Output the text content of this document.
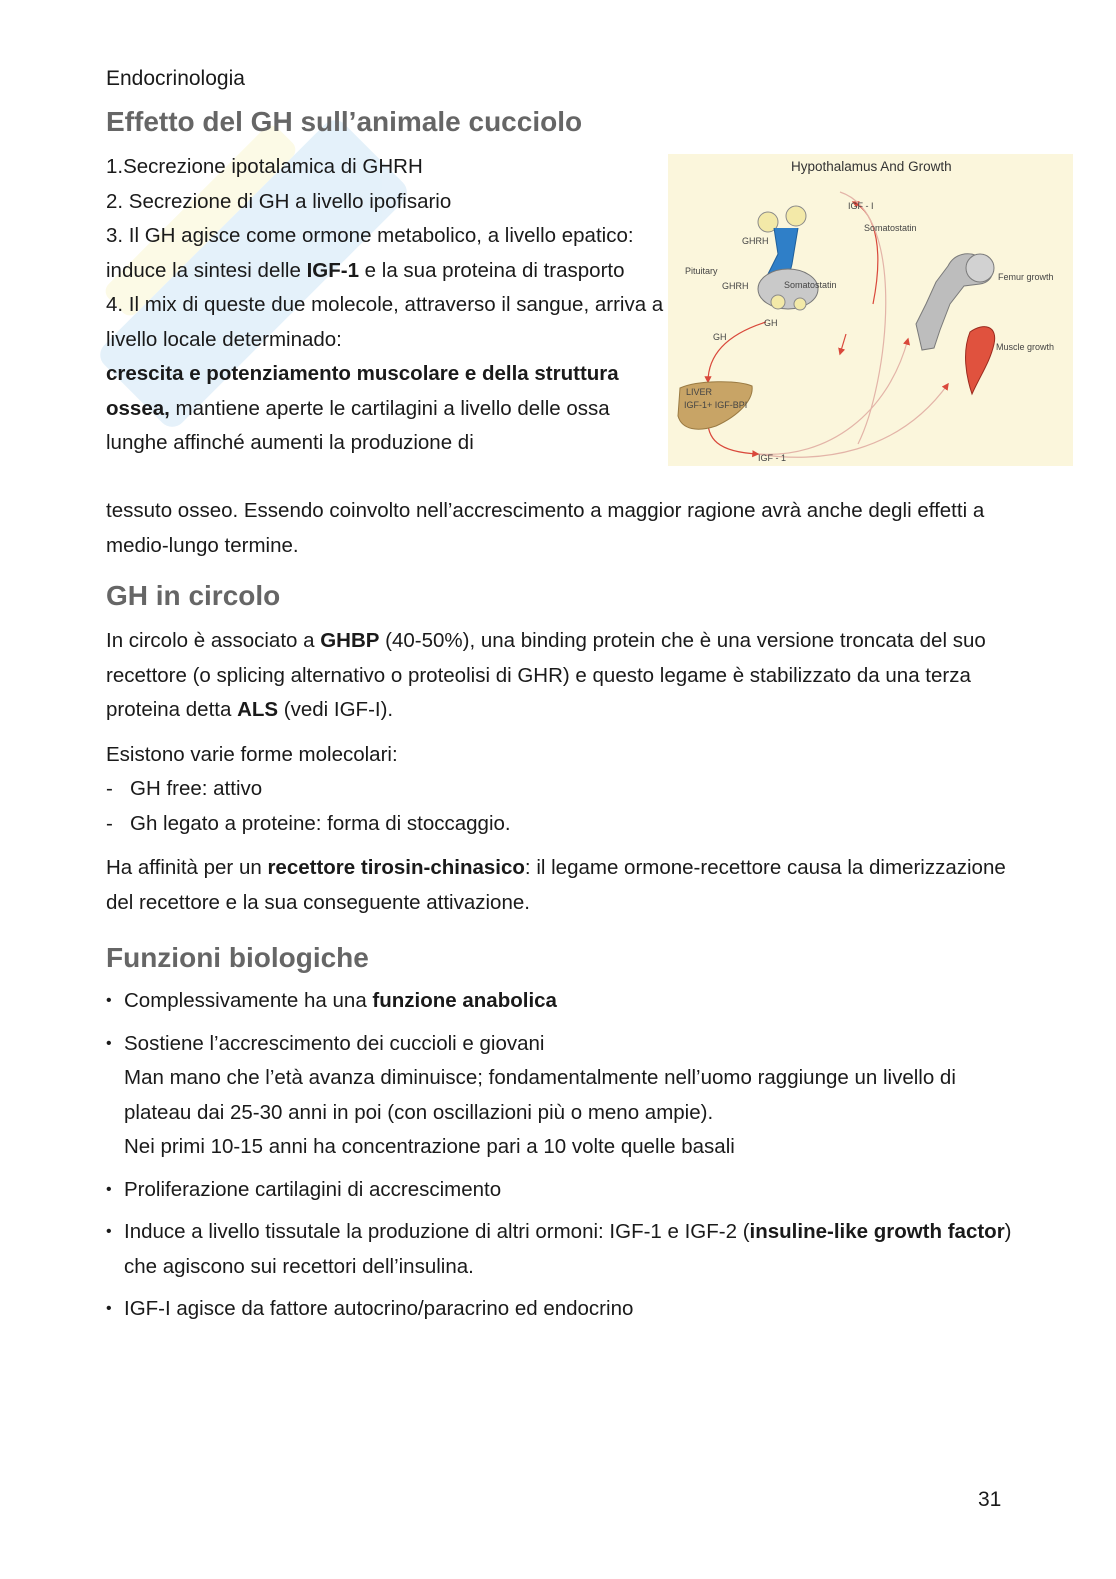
Endocrinologia
Effetto del GH sull’animale cucciolo

1.Secrezione ipotalamica di GHRH

2. Secrezione di GH a livello ipofisario

3. Il GH agisce come ormone metabolico, a livello epatico: induce la sintesi delle IGF-1 e la sua proteina di trasporto

4. Il mix di queste due molecole, attraverso il sangue, arriva a livello locale determinado:
crescita e potenziamento muscolare e della struttura ossea, mantiene aperte le cartilagini a livello delle ossa lunghe affinché aumenti la produzione di

Hypothalamus And Growth
IGF - I
Somatostatin
GHRH
Pituitary
GHRH	Somatostatin
GH
GH
LIVER
IGF-1+ IGF-BPI
IGF - 1
Femur growth
Muscle growth

tessuto osseo. Essendo coinvolto nell’accrescimento a maggior ragione avrà anche degli effetti a medio-lungo termine.

GH in circolo

In circolo è associato a GHBP (40-50%), una binding protein che è una versione troncata del suo recettore (o splicing alternativo o proteolisi di GHR) e questo legame è stabilizzato da una terza proteina detta ALS (vedi IGF-I).

Esistono varie forme molecolari:

- GH free: attivo
- Gh legato a proteine: forma di stoccaggio.

Ha affinità per un recettore tirosin-chinasico: il legame ormone-recettore causa la dimerizzazione del recettore e la sua conseguente attivazione.

Funzioni biologiche
• Complessivamente ha una funzione anabolica

• Sostiene l’accrescimento dei cuccioli e giovani

Man mano che l’età avanza diminuisce; fondamentalmente nell’uomo raggiunge un livello di plateau dai 25-30 anni in poi (con oscillazioni più o meno ampie).

Nei primi 10-15 anni ha concentrazione pari a 10 volte quelle basali

• Proliferazione cartilagini di accrescimento

• Induce a livello tissutale la produzione di altri ormoni: IGF-1 e IGF-2 (insuline-like growth factor) che agiscono sui recettori dell’insulina.

• IGF-I agisce da fattore autocrino/paracrino ed endocrino

31
